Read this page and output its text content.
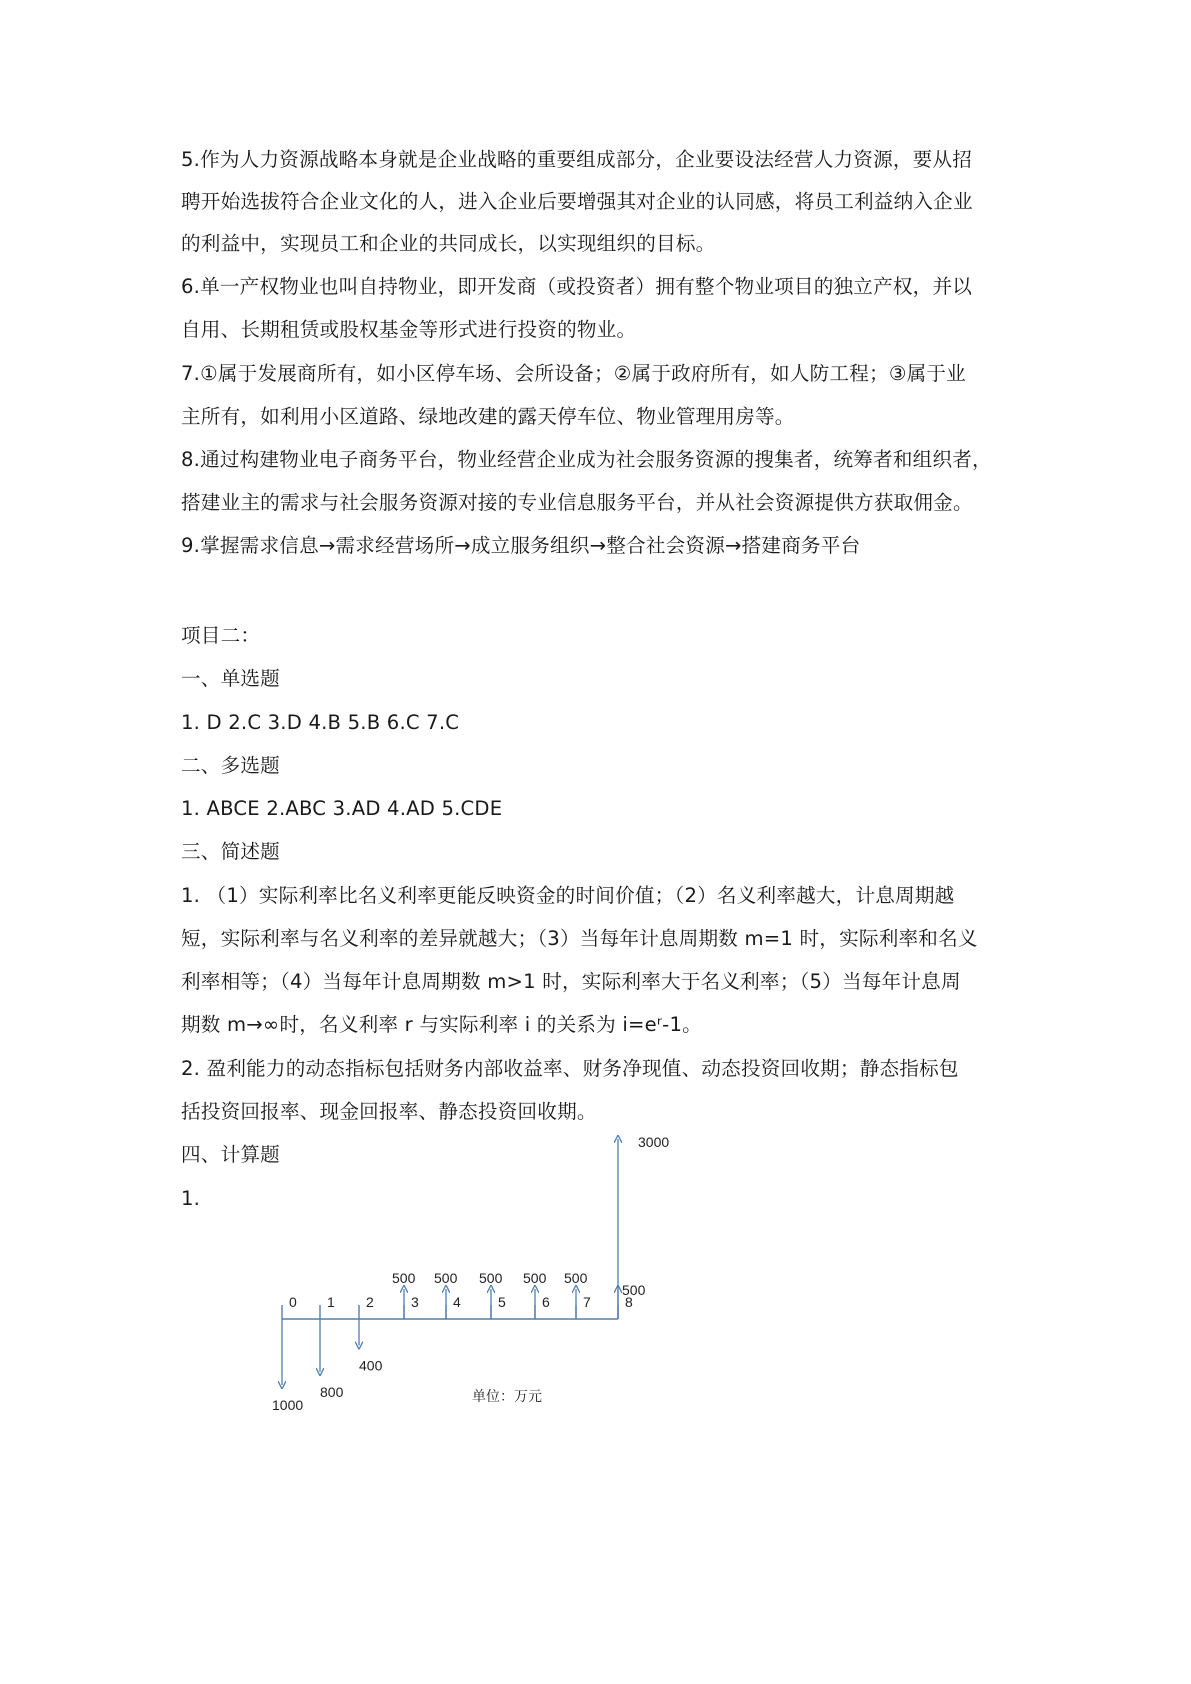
5.作为人力资源战略本身就是企业战略的重要组成部分，企业要设法经营人力资源，要从招
聘开始选拔符合企业文化的人，进入企业后要增强其对企业的认同感，将员工利益纳入企业
的利益中，实现员工和企业的共同成长，以实现组织的目标。
6.单一产权物业也叫自持物业，即开发商（或投资者）拥有整个物业项目的独立产权，并以
自用、长期租赁或股权基金等形式进行投资的物业。
7.①属于发展商所有，如小区停车场、会所设备；②属于政府所有，如人防工程；③属于业
主所有，如利用小区道路、绿地改建的露天停车位、物业管理用房等。
8.通过构建物业电子商务平台，物业经营企业成为社会服务资源的搜集者，统筹者和组织者，
搭建业主的需求与社会服务资源对接的专业信息服务平台，并从社会资源提供方获取佣金。
9.掌握需求信息→需求经营场所→成立服务组织→整合社会资源→搭建商务平台
项目二：
一、单选题
1. D 2.C 3.D 4.B 5.B 6.C 7.C
二、多选题
1. ABCE 2.ABC 3.AD 4.AD 5.CDE
三、简述题
1. （1）实际利率比名义利率更能反映资金的时间价值；（2）名义利率越大，计息周期越
短，实际利率与名义利率的差异就越大；（3）当每年计息周期数 m=1 时，实际利率和名义
利率相等；（4）当每年计息周期数 m>1 时，实际利率大于名义利率；（5）当每年计息周
期数 m→∞时，名义利率 r 与实际利率 i 的关系为 i=eʳ-1。
2. 盈利能力的动态指标包括财务内部收益率、财务净现值、动态投资回收期；静态指标包
括投资回报率、现金回报率、静态投资回收期。
四、计算题
1.
0 1 2	3 4	5	6 7 8
1000
800
400
500 500 500 500 500
500
3000
单位：万元
